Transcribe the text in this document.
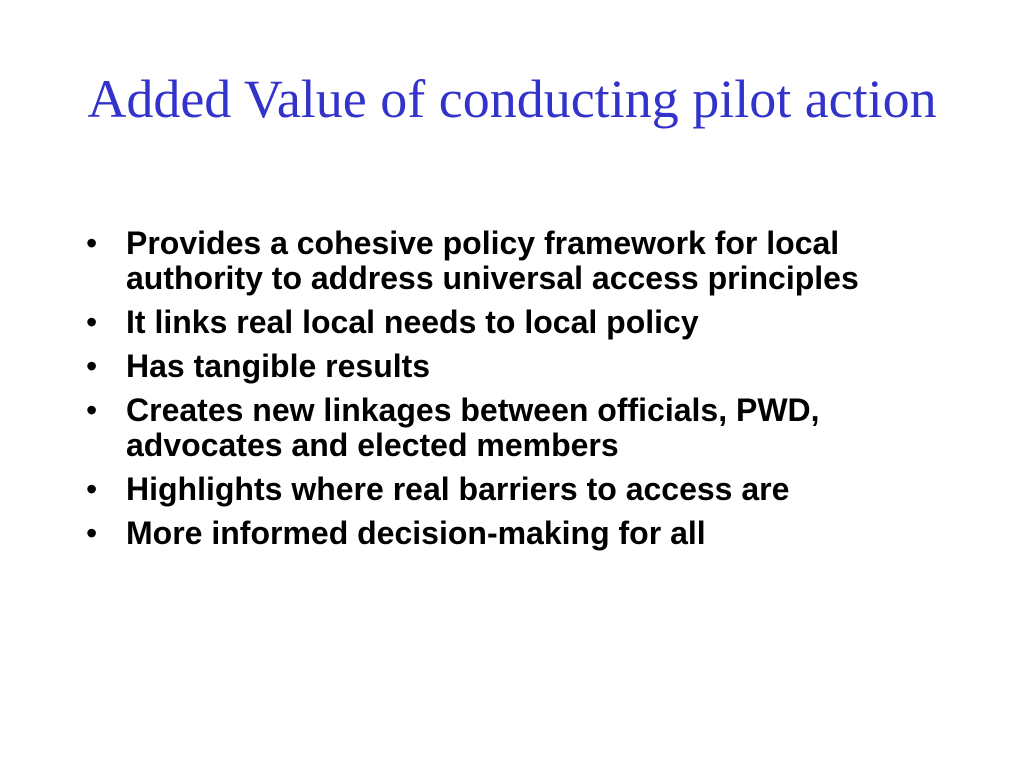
Added Value of conducting pilot action
• Provides a cohesive policy framework for local authority to address universal access principles
• It links real local needs to local policy
• Has tangible results
• Creates new linkages between officials, PWD, advocates and elected members
• Highlights where real barriers to access are
• More informed decision-making for all
